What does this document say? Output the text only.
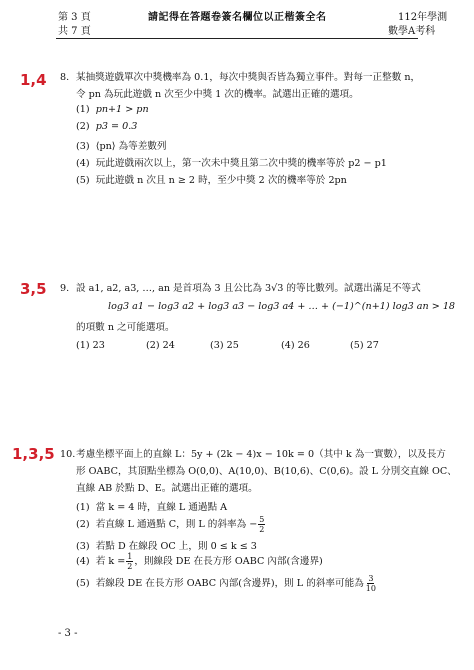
第 3 頁
共 7 頁
請記得在答題卷簽名欄位以正楷簽全名	112年學測
數學A考科
1,4 8. 某抽獎遊戲單次中獎機率為 0.1，每次中獎與否皆為獨立事件。對每一正整數 n，
令 pn 為玩此遊戲 n 次至少中獎 1 次的機率。試選出正確的選項。
(1) pn+1 > pn
(2) p3 = 0.3
(3) ⟨pn⟩ 為等差數列
(4) 玩此遊戲兩次以上，第一次未中獎且第二次中獎的機率等於 p2 − p1
(5) 玩此遊戲 n 次且 n ≥ 2 時，至少中獎 2 次的機率等於 2pn
3,5 9. 設 a1, a2, a3, …, an 是首項為 3 且公比為 3√3 的等比數列。試選出滿足不等式
log3 a1 − log3 a2 + log3 a3 − log3 a4 + … + (−1)^(n+1) log3 an > 18
的項數 n 之可能選項。
(1) 23	(2) 24	(3) 25	(4) 26	(5) 27
1,3,5 10. 考慮坐標平面上的直線 L：5y + (2k − 4)x − 10k = 0（其中 k 為一實數），以及長方
形 OABC，其頂點坐標為 O(0,0)、A(10,0)、B(10,6)、C(0,6)。設 L 分別交直線 OC、
直線 AB 於點 D、E。試選出正確的選項。
(1) 當 k = 4 時，直線 L 通過點 A
(2) 若直線 L 通過點 C，則 L 的斜率為 − $\frac{5}{2}$
(3) 若點 D 在線段 OC 上，則 0 ≤ k ≤ 3
(4) 若 $k = \frac{1}{2}$ ，則線段 DE 在長方形 OABC 內部(含邊界)
(5) 若線段 DE 在長方形 OABC 內部(含邊界)，則 L 的斜率可能為 $\frac{3}{10}$
- 3 -
